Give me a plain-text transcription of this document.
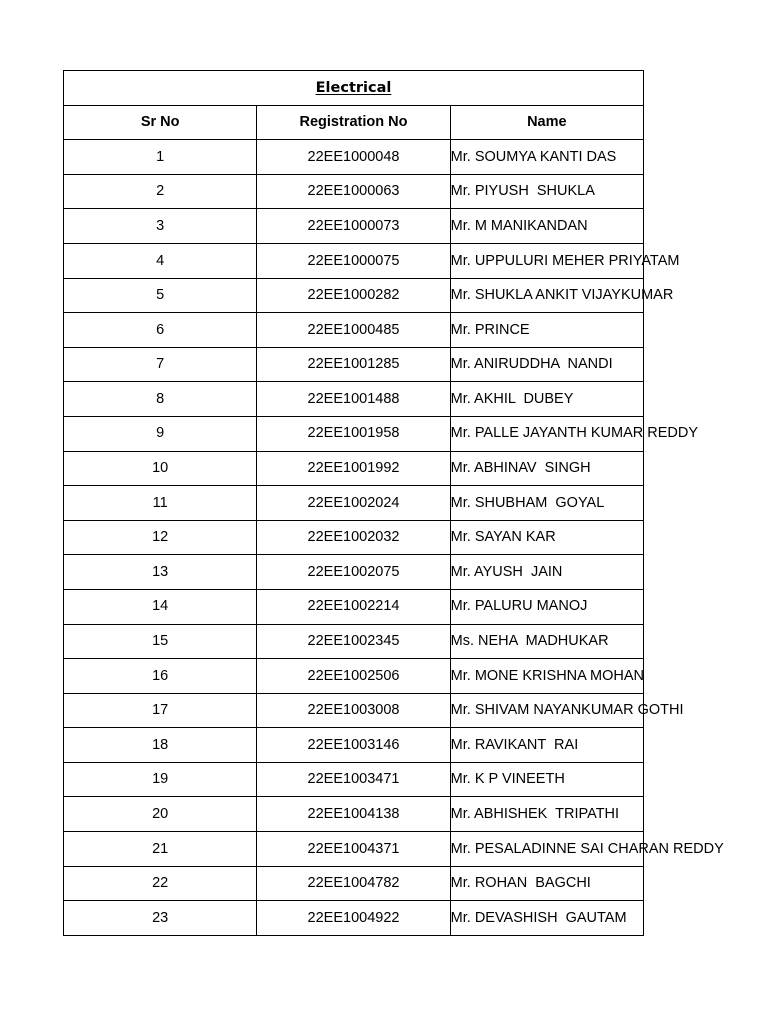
Electrical		
Sr No	Registration No	Name
1	22EE1000048	Mr. SOUMYA KANTI DAS
2	22EE1000063	Mr. PIYUSH  SHUKLA
3	22EE1000073	Mr. M MANIKANDAN
4	22EE1000075	Mr. UPPULURI MEHER PRIYATAM
5	22EE1000282	Mr. SHUKLA ANKIT VIJAYKUMAR
6	22EE1000485	Mr. PRINCE
7	22EE1001285	Mr. ANIRUDDHA  NANDI
8	22EE1001488	Mr. AKHIL  DUBEY
9	22EE1001958	Mr. PALLE JAYANTH KUMAR REDDY
10	22EE1001992	Mr. ABHINAV  SINGH
11	22EE1002024	Mr. SHUBHAM  GOYAL
12	22EE1002032	Mr. SAYAN KAR
13	22EE1002075	Mr. AYUSH  JAIN
14	22EE1002214	Mr. PALURU MANOJ
15	22EE1002345	Ms. NEHA  MADHUKAR
16	22EE1002506	Mr. MONE KRISHNA MOHAN
17	22EE1003008	Mr. SHIVAM NAYANKUMAR GOTHI
18	22EE1003146	Mr. RAVIKANT  RAI
19	22EE1003471	Mr. K P VINEETH
20	22EE1004138	Mr. ABHISHEK  TRIPATHI
21	22EE1004371	Mr. PESALADINNE SAI CHARAN REDDY
22	22EE1004782	Mr. ROHAN  BAGCHI
23	22EE1004922	Mr. DEVASHISH  GAUTAM
